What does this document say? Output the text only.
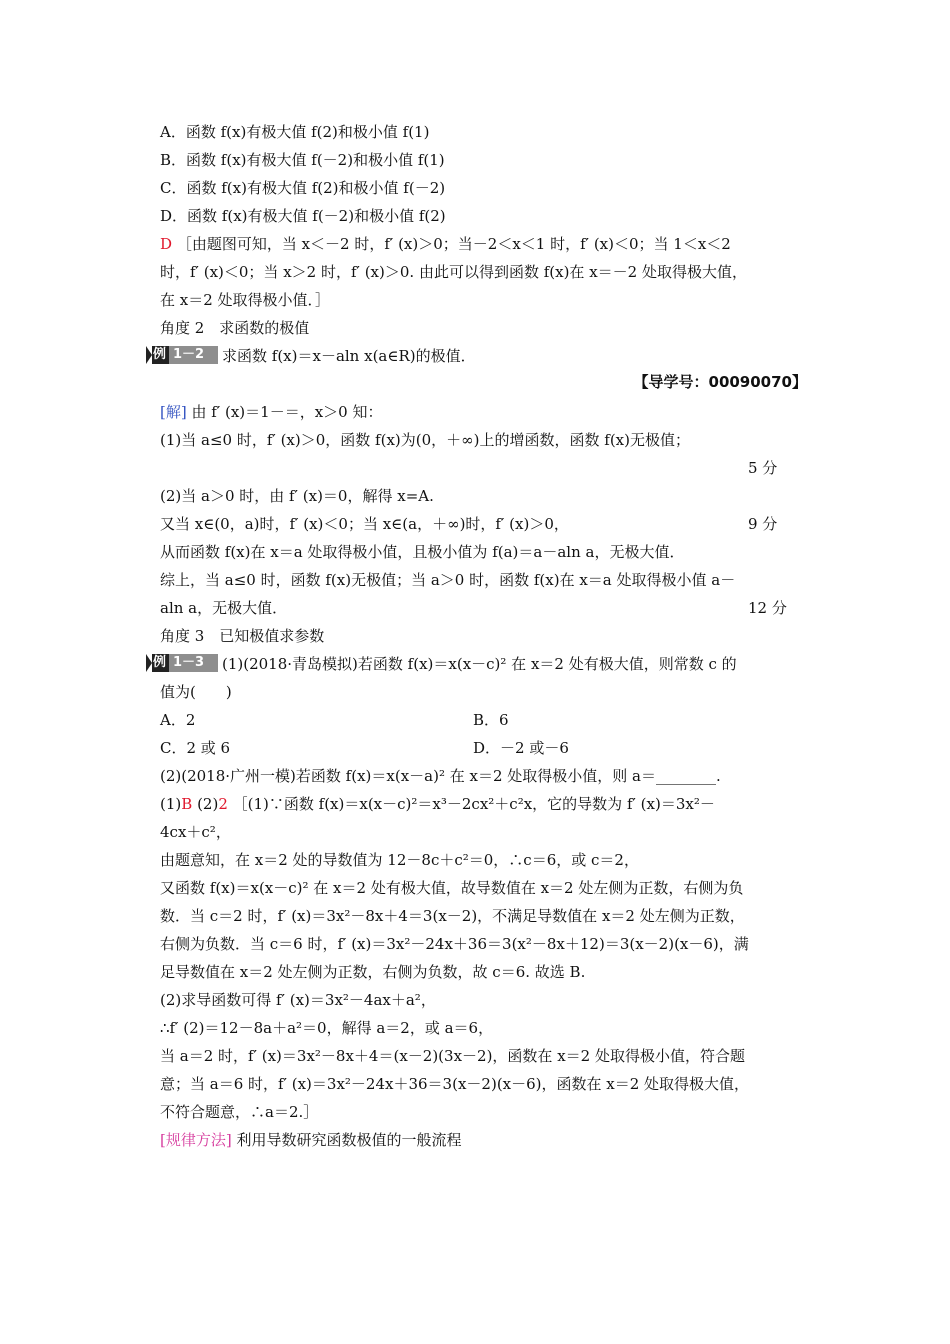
A．函数 f(x)有极大值 f(2)和极小值 f(1)
B．函数 f(x)有极大值 f(－2)和极小值 f(1)
C．函数 f(x)有极大值 f(2)和极小值 f(－2)
D．函数 f(x)有极大值 f(－2)和极小值 f(2)
D ［由题图可知，当 x＜－2 时，f′ (x)＞0；当－2＜x＜1 时，f′ (x)＜0；当 1＜x＜2
时，f′ (x)＜0；当 x＞2 时，f′ (x)＞0. 由此可以得到函数 f(x)在 x＝－2 处取得极大值，
在 x＝2 处取得极小值．］
角度 2　求函数的极值
例 1－2	求函数 f(x)＝x－aln x(a∈R)的极值．
【导学号：00090070】
[解] 由 f′ (x)＝1－＝，x＞0 知：
(1)当 a≤0 时，f′ (x)＞0，函数 f(x)为(0，＋∞)上的增函数，函数 f(x)无极值；
5 分
(2)当 a＞0 时，由 f′ (x)＝0，解得 x=A.
又当 x∈(0，a)时，f′ (x)＜0；当 x∈(a，＋∞)时，f′ (x)＞0，	9 分
从而函数 f(x)在 x＝a 处取得极小值，且极小值为 f(a)＝a－aln a，无极大值．
综上，当 a≤0 时，函数 f(x)无极值；当 a＞0 时，函数 f(x)在 x＝a 处取得极小值 a－
aln a，无极大值．	12 分
角度 3　已知极值求参数
例 1－3	(1)(2018·青岛模拟)若函数 f(x)＝x(x－c)² 在 x＝2 处有极大值，则常数 c 的
值为(　　)
A．2	B．6
C．2 或 6	D．－2 或－6
(2)(2018·广州一模)若函数 f(x)＝x(x－a)² 在 x＝2 处取得极小值，则 a＝________.
(1)B (2)2 ［(1)∵函数 f(x)＝x(x－c)²＝x³－2cx²＋c²x，它的导数为 f′ (x)＝3x²－
4cx＋c²，
由题意知，在 x＝2 处的导数值为 12－8c＋c²＝0，∴c＝6，或 c＝2，
又函数 f(x)＝x(x－c)² 在 x＝2 处有极大值，故导数值在 x＝2 处左侧为正数，右侧为负
数．当 c＝2 时，f′ (x)＝3x²－8x＋4＝3(x－2)，不满足导数值在 x＝2 处左侧为正数，
右侧为负数．当 c＝6 时，f′ (x)＝3x²－24x＋36＝3(x²－8x＋12)＝3(x－2)(x－6)，满
足导数值在 x＝2 处左侧为正数，右侧为负数，故 c＝6. 故选 B.
(2)求导函数可得 f′ (x)＝3x²－4ax＋a²，
∴f′ (2)＝12－8a＋a²＝0，解得 a＝2，或 a＝6，
当 a＝2 时，f′ (x)＝3x²－8x＋4＝(x－2)(3x－2)，函数在 x＝2 处取得极小值，符合题
意；当 a＝6 时，f′ (x)＝3x²－24x＋36＝3(x－2)(x－6)，函数在 x＝2 处取得极大值，
不符合题意，∴a＝2.］
[规律方法] 利用导数研究函数极值的一般流程
